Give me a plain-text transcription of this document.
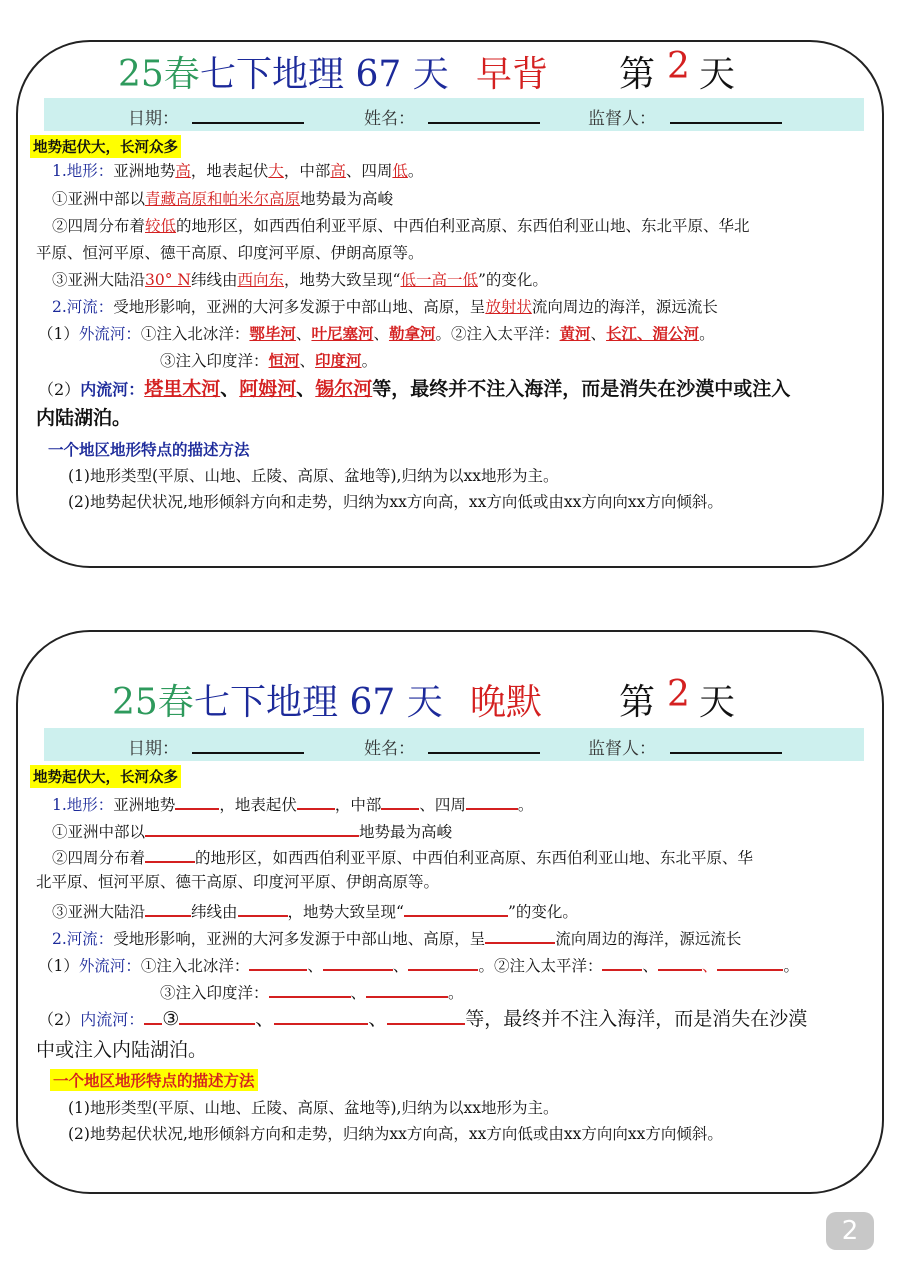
25春 七下地理 67 天 早背 第 2 天
日期：	姓名：	监督人：
地势起伏大，长河众多
1.地形：亚洲地势高，地表起伏大，中部高、四周低。
①亚洲中部以青藏高原和帕米尔高原地势最为高峻
②四周分布着较低的地形区，如西西伯利亚平原、中西伯利亚高原、东西伯利亚山地、东北平原、华北
平原、恒河平原、德干高原、印度河平原、伊朗高原等。
③亚洲大陆沿30° N纬线由西向东，地势大致呈现“低一高一低”的变化。
2.河流：受地形影响，亚洲的大河多发源于中部山地、高原，呈放射状流向周边的海洋，源远流长
（1）外流河：①注入北冰洋：鄂毕河、叶尼塞河、勒拿河。②注入太平洋：黄河、长江、湄公河。
③注入印度洋：恒河、印度河。
（2）内流河：塔里木河、阿姆河、锡尔河等，最终并不注入海洋，而是消失在沙漠中或注入
内陆湖泊。
一个地区地形特点的描述方法
(1)地形类型(平原、山地、丘陵、高原、盆地等),归纳为以xx地形为主。
(2)地势起伏状况,地形倾斜方向和走势，归纳为xx方向高，xx方向低或由xx方向向xx方向倾斜。
25春 七下地理 67 天 晚默 第 2 天
日期：	姓名：	监督人：
地势起伏大，长河众多
1.地形：亚洲地势	，地表起伏 ，中部 、四周	。
①亚洲中部以	地势最为高峻
②四周分布着	的地形区，如西西伯利亚平原、中西伯利亚高原、东西伯利亚山地、东北平原、华
北平原、恒河平原、德干高原、印度河平原、伊朗高原等。
③亚洲大陆沿	纬线由	，地势大致呈现“	”的变化。
2.河流：受地形影响，亚洲的大河多发源于中部山地、高原，呈	流向周边的海洋，源远流长
（1）外流河：①注入北冰洋：	、	、	。②注入太平洋：	、	、	。
③注入印度洋：	、	。
（2）内流河： ③	、	、	等，最终并不注入海洋，而是消失在沙漠
中或注入内陆湖泊。
一个地区地形特点的描述方法
(1)地形类型(平原、山地、丘陵、高原、盆地等),归纳为以xx地形为主。
(2)地势起伏状况,地形倾斜方向和走势，归纳为xx方向高，xx方向低或由xx方向向xx方向倾斜。
2
